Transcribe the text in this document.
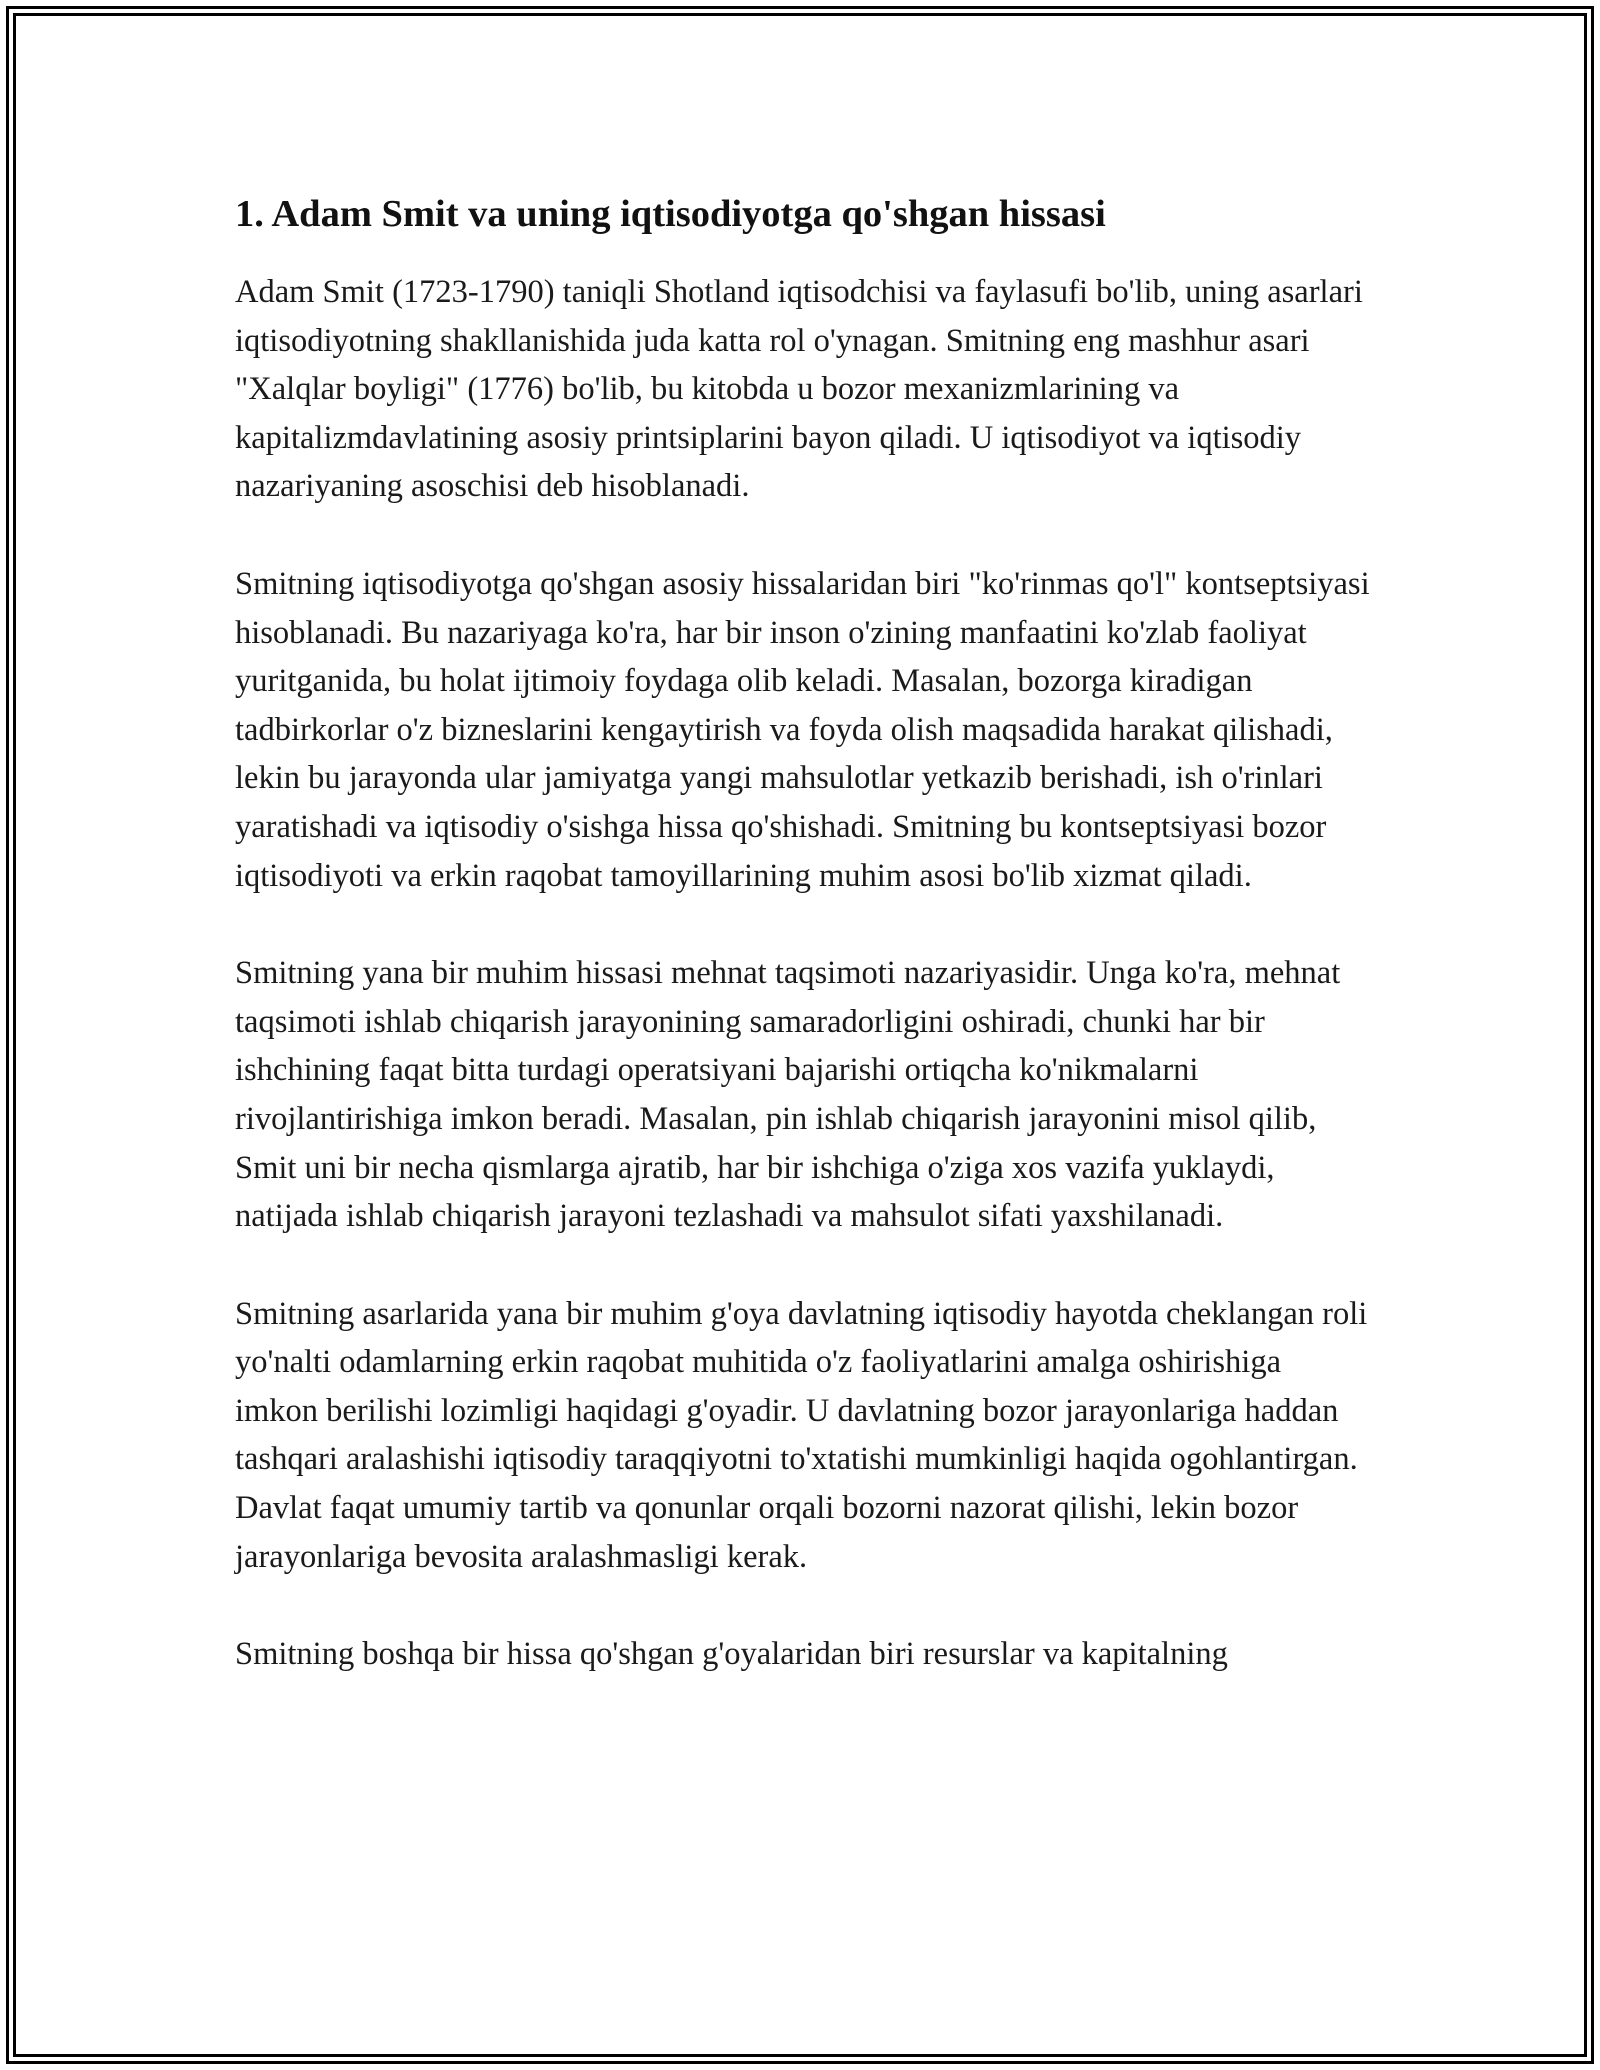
1. Adam Smit va uning iqtisodiyotga qo'shgan hissasi

Adam Smit (1723-1790) taniqli Shotland iqtisodchisi va faylasufi bo'lib, uning asarlari iqtisodiyotning shakllanishida juda katta rol o'ynagan. Smitning eng mashhur asari "Xalqlar boyligi" (1776) bo'lib, bu kitobda u bozor mexanizmlarining va kapitalizmdavlatining asosiy printsiplarini bayon qiladi. U iqtisodiyot va iqtisodiy nazariyaning asoschisi deb hisoblanadi.

Smitning iqtisodiyotga qo'shgan asosiy hissalaridan biri "ko'rinmas qo'l" kontseptsiyasi hisoblanadi. Bu nazariyaga ko'ra, har bir inson o'zining manfaatini ko'zlab faoliyat yuritganida, bu holat ijtimoiy foydaga olib keladi. Masalan, bozorga kiradigan tadbirkorlar o'z bizneslarini kengaytirish va foyda olish maqsadida harakat qilishadi, lekin bu jarayonda ular jamiyatga yangi mahsulotlar yetkazib berishadi, ish o'rinlari yaratishadi va iqtisodiy o'sishga hissa qo'shishadi. Smitning bu kontseptsiyasi bozor iqtisodiyoti va erkin raqobat tamoyillarining muhim asosi bo'lib xizmat qiladi.

Smitning yana bir muhim hissasi mehnat taqsimoti nazariyasidir. Unga ko'ra, mehnat taqsimoti ishlab chiqarish jarayonining samaradorligini oshiradi, chunki har bir ishchining faqat bitta turdagi operatsiyani bajarishi ortiqcha ko'nikmalarni rivojlantirishiga imkon beradi. Masalan, pin ishlab chiqarish jarayonini misol qilib, Smit uni bir necha qismlarga ajratib, har bir ishchiga o'ziga xos vazifa yuklaydi, natijada ishlab chiqarish jarayoni tezlashadi va mahsulot sifati yaxshilanadi.

Smitning asarlarida yana bir muhim g'oya davlatning iqtisodiy hayotda cheklangan roli yo'nalti odamlarning erkin raqobat muhitida o'z faoliyatlarini amalga oshirishiga imkon berilishi lozimligi haqidagi g'oyadir. U davlatning bozor jarayonlariga haddan tashqari aralashishi iqtisodiy taraqqiyotni to'xtatishi mumkinligi haqida ogohlantirgan. Davlat faqat umumiy tartib va qonunlar orqali bozorni nazorat qilishi, lekin bozor jarayonlariga bevosita aralashmasligi kerak.

Smitning boshqa bir hissa qo'shgan g'oyalaridan biri resurslar va kapitalning
